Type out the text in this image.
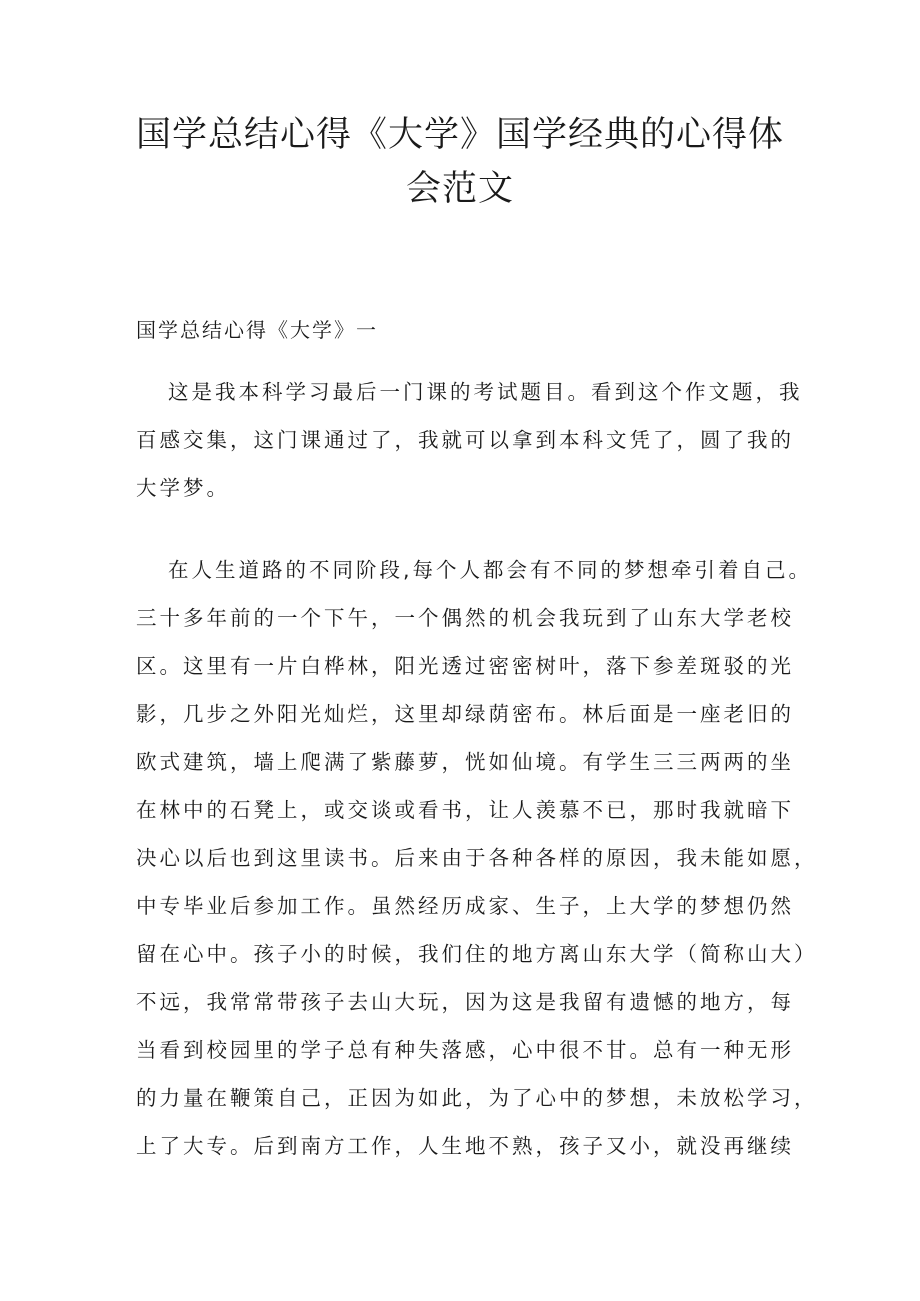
国学总结心得《大学》国学经典的心得体
会范文
国学总结心得《大学》一

这是我本科学习最后一门课的考试题目。看到这个作文题，我
百感交集，这门课通过了，我就可以拿到本科文凭了，圆了我的
大学梦。

在人生道路的不同阶段,每个人都会有不同的梦想牵引着自己。
三十多年前的一个下午，一个偶然的机会我玩到了山东大学老校
区。这里有一片白桦林，阳光透过密密树叶，落下参差斑驳的光
影，几步之外阳光灿烂，这里却绿荫密布。林后面是一座老旧的
欧式建筑，墙上爬满了紫藤萝，恍如仙境。有学生三三两两的坐
在林中的石凳上，或交谈或看书，让人羡慕不已，那时我就暗下
决心以后也到这里读书。后来由于各种各样的原因，我未能如愿，
中专毕业后参加工作。虽然经历成家、生子，上大学的梦想仍然
留在心中。孩子小的时候，我们住的地方离山东大学（简称山大）
不远，我常常带孩子去山大玩，因为这是我留有遗憾的地方，每
当看到校园里的学子总有种失落感，心中很不甘。总有一种无形
的力量在鞭策自己，正因为如此，为了心中的梦想，未放松学习，
上了大专。后到南方工作，人生地不熟，孩子又小，就没再继续
